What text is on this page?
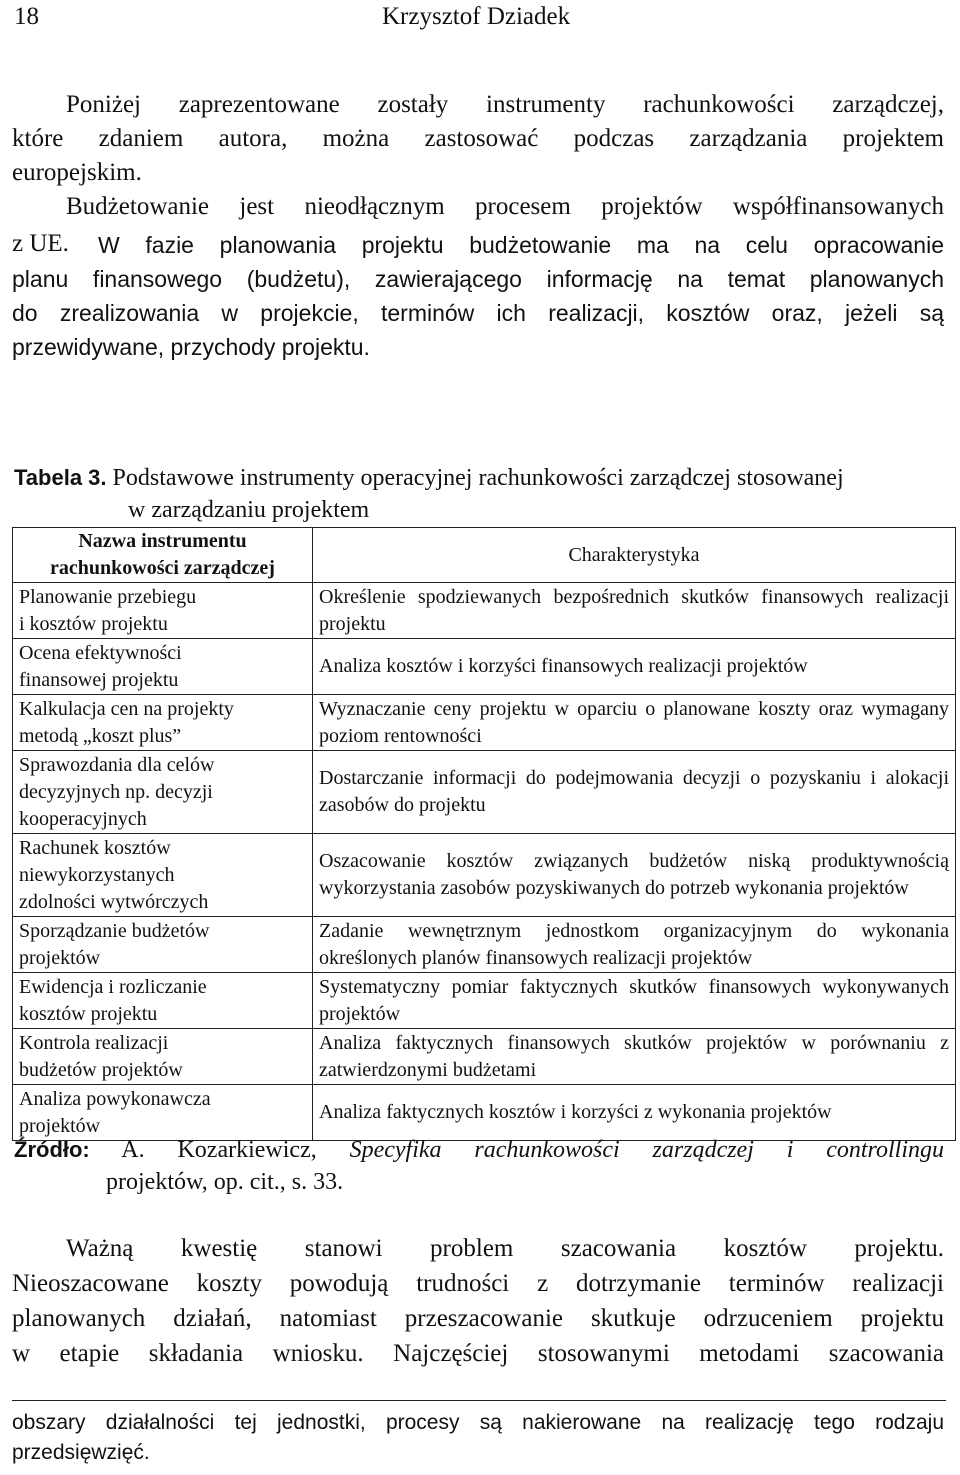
18	Krzysztof Dziadek
Poniżej zaprezentowane zostały instrumenty rachunkowości zarządczej,
które zdaniem autora, można zastosować podczas zarządzania projektem
europejskim.
Budżetowanie jest nieodłącznym procesem projektów współfinansowanych
z UE.	W fazie planowania projektu budżetowanie ma na celu opracowanie
planu finansowego (budżetu), zawierającego informację na temat planowanych
do zrealizowania w projekcie, terminów ich realizacji, kosztów oraz, jeżeli są
przewidywane, przychody projektu.
Tabela 3. Podstawowe instrumenty operacyjnej rachunkowości zarządczej stosowanej
w zarządzaniu projektem
Nazwa instrumentu
rachunkowości zarządczej	Charakterystyka
Planowanie przebiegu
i kosztów projektu	Określenie spodziewanych bezpośrednich skutków finansowych realizacji projektu
Ocena efektywności
finansowej projektu	Analiza kosztów i korzyści finansowych realizacji projektów
Kalkulacja cen na projekty
metodą „koszt plus”	Wyznaczanie ceny projektu w oparciu o planowane koszty oraz wymagany poziom rentowności
Sprawozdania dla celów
decyzyjnych np. decyzji
kooperacyjnych	Dostarczanie informacji do podejmowania decyzji o pozyskaniu i alokacji zasobów do projektu
Rachunek kosztów
niewykorzystanych
zdolności wytwórczych	Oszacowanie kosztów związanych budżetów niską produktywnością wykorzystania zasobów pozyskiwanych do potrzeb wykonania projektów
Sporządzanie budżetów
projektów	Zadanie wewnętrznym jednostkom organizacyjnym do wykonania określonych planów finansowych realizacji projektów
Ewidencja i rozliczanie
kosztów projektu	Systematyczny pomiar faktycznych skutków finansowych wykonywanych projektów
Kontrola realizacji
budżetów projektów	Analiza faktycznych finansowych skutków projektów w porównaniu z zatwierdzonymi budżetami
Analiza powykonawcza
projektów	Analiza faktycznych kosztów i korzyści z wykonania projektów
Źródło: A. Kozarkiewicz, Specyfika rachunkowości zarządczej i controllingu
projektów, op. cit., s. 33.
Ważną kwestię stanowi problem szacowania kosztów projektu.
Nieoszacowane koszty powodują trudności z dotrzymanie terminów realizacji
planowanych działań, natomiast przeszacowanie skutkuje odrzuceniem projektu
w etapie składania wniosku. Najczęściej stosowanymi metodami szacowania
obszary działalności tej jednostki, procesy są nakierowane na realizację tego rodzaju
przedsięwzięć.
